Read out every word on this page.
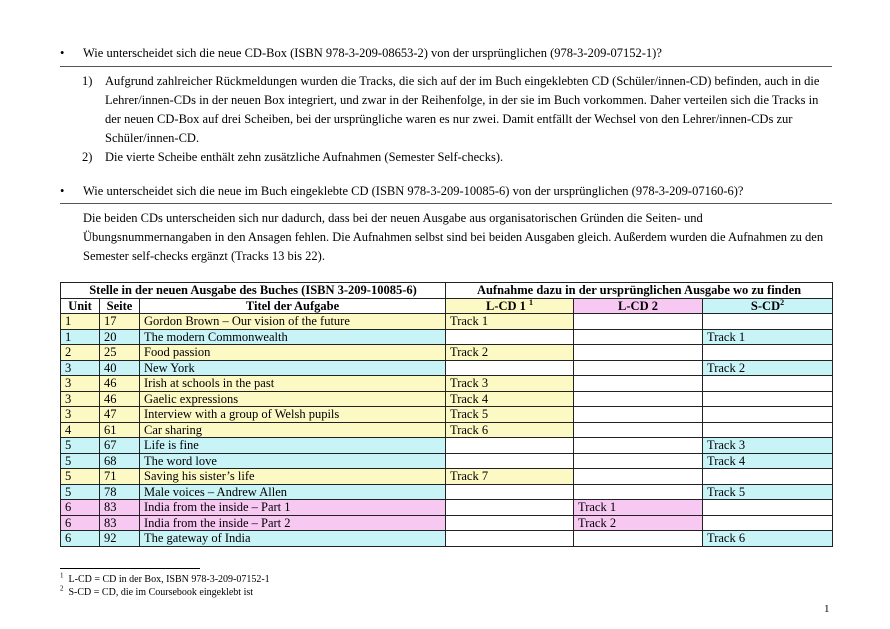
• Wie unterscheidet sich die neue CD-Box (ISBN 978-3-209-08653-2) von der ursprünglichen (978-3-209-07152-1)?
1) Aufgrund zahlreicher Rückmeldungen wurden die Tracks, die sich auf der im Buch eingeklebten CD (Schüler/innen-CD) befinden, auch in die Lehrer/innen-CDs in der neuen Box integriert, und zwar in der Reihenfolge, in der sie im Buch vorkommen. Daher verteilen sich die Tracks in der neuen CD-Box auf drei Scheiben, bei der ursprüngliche waren es nur zwei. Damit entfällt der Wechsel von den Lehrer/innen-CDs zur Schüler/innen-CD.
2) Die vierte Scheibe enthält zehn zusätzliche Aufnahmen (Semester Self-checks).
• Wie unterscheidet sich die neue im Buch eingeklebte CD (ISBN 978-3-209-10085-6) von der ursprünglichen (978-3-209-07160-6)?
Die beiden CDs unterscheiden sich nur dadurch, dass bei der neuen Ausgabe aus organisatorischen Gründen die Seiten- und Übungsnummernangaben in den Ansagen fehlen. Die Aufnahmen selbst sind bei beiden Ausgaben gleich. Außerdem wurden die Aufnahmen zu den Semester self-checks ergänzt (Tracks 13 bis 22).
Stelle in der neuen Ausgabe des Buches (ISBN 3-209-10085-6)			Aufnahme dazu in der ursprünglichen Ausgabe wo zu finden		
Unit	Seite	Titel der Aufgabe	L-CD 1 $^1$	L-CD 2	$S-CD^2$
1	17	Gordon Brown – Our vision of the future	Track 1		
1	20	The modern Commonwealth			Track 1
2	25	Food passion	Track 2		
3	40	New York			Track 2
3	46	Irish at schools in the past	Track 3		
3	46	Gaelic expressions	Track 4		
3	47	Interview with a group of Welsh pupils	Track 5		
4	61	Car sharing	Track 6		
5	67	Life is fine			Track 3
5	68	The word love			Track 4
5	71	Saving his sister’s life	Track 7		
5	78	Male voices – Andrew Allen			Track 5
6	83	India from the inside – Part 1		Track 1	
6	83	India from the inside – Part 2		Track 2	
6	92	The gateway of India			Track 6
$^1$ L-CD = CD in der Box, ISBN 978-3-209-07152-1
$^2$ S-CD = CD, die im Coursebook eingeklebt ist
1
